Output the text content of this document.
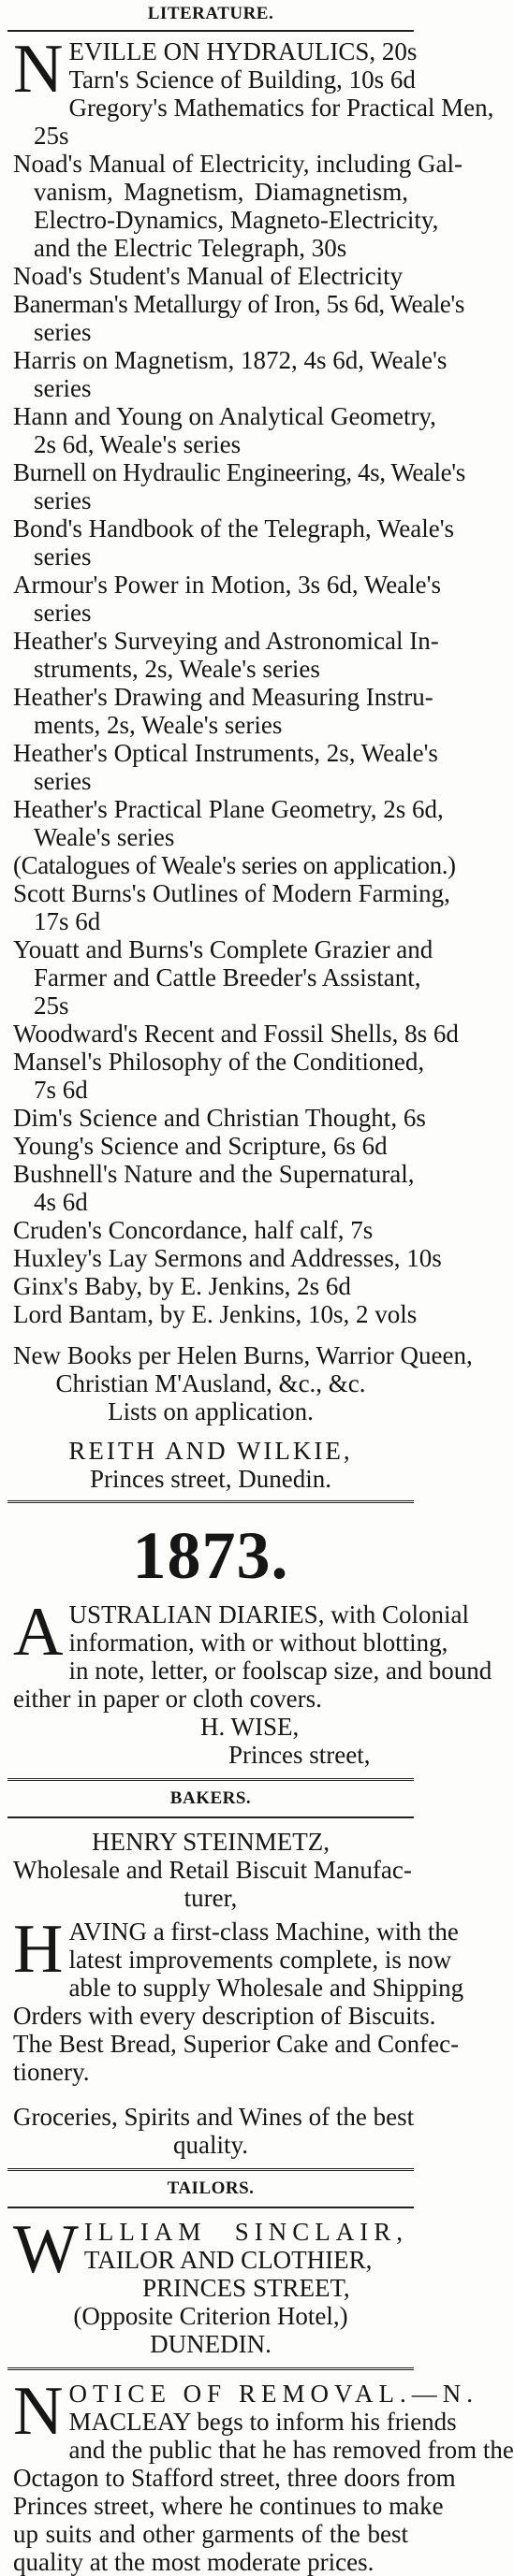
LITERATURE.
N EVILLE ON HYDRAULICS, 20s
Tarn's Science of Building, 10s 6d
Gregory's Mathematics for Practical Men,
25s
Noad's Manual of Electricity, including Gal-
vanism, Magnetism, Diamagnetism,
Electro-Dynamics, Magneto-Electricity,
and the Electric Telegraph, 30s
Noad's Student's Manual of Electricity
Banerman's Metallurgy of Iron, 5s 6d, Weale's
series
Harris on Magnetism, 1872, 4s 6d, Weale's
series
Hann and Young on Analytical Geometry,
2s 6d, Weale's series
Burnell on Hydraulic Engineering, 4s, Weale's
series
Bond's Handbook of the Telegraph, Weale's
series
Armour's Power in Motion, 3s 6d, Weale's
series
Heather's Surveying and Astronomical In-
struments, 2s, Weale's series
Heather's Drawing and Measuring Instru-
ments, 2s, Weale's series
Heather's Optical Instruments, 2s, Weale's
series
Heather's Practical Plane Geometry, 2s 6d,
Weale's series
(Catalogues of Weale's series on application.)
Scott Burns's Outlines of Modern Farming,
17s 6d
Youatt and Burns's Complete Grazier and
Farmer and Cattle Breeder's Assistant,
25s
Woodward's Recent and Fossil Shells, 8s 6d
Mansel's Philosophy of the Conditioned,
7s 6d
Dim's Science and Christian Thought, 6s
Young's Science and Scripture, 6s 6d
Bushnell's Nature and the Supernatural,
4s 6d
Cruden's Concordance, half calf, 7s
Huxley's Lay Sermons and Addresses, 10s
Ginx's Baby, by E. Jenkins, 2s 6d
Lord Bantam, by E. Jenkins, 10s, 2 vols
New Books per Helen Burns, Warrior Queen,
Christian M'Ausland, &c., &c.
Lists on application.
REITH AND WILKIE,
Princes street, Dunedin.
1873.
A USTRALIAN DIARIES, with Colonial
information, with or without blotting,
in note, letter, or foolscap size, and bound
either in paper or cloth covers.
H. WISE,
Princes street,
BAKERS.
HENRY STEINMETZ,
Wholesale and Retail Biscuit Manufac-
turer,
H AVING a first-class Machine, with the
latest improvements complete, is now
able to supply Wholesale and Shipping
Orders with every description of Biscuits.
The Best Bread, Superior Cake and Confec-
tionery.
Groceries, Spirits and Wines of the best
quality.
TAILORS.
W ILLIAM SINCLAIR,
TAILOR AND CLOTHIER,
PRINCES STREET,
(Opposite Criterion Hotel,)
DUNEDIN.
N OTICE OF REMOVAL.—N.
MACLEAY begs to inform his friends
and the public that he has removed from the
Octagon to Stafford street, three doors from
Princes street, where he continues to make
up suits and other garments of the best
quality at the most moderate prices.
